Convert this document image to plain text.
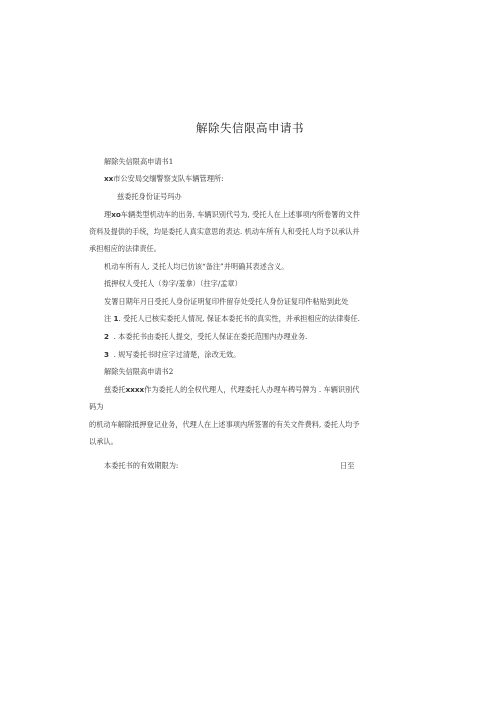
解除失信限高申请书
解除失信限高申请书1
xx市公安局交缅警察支队车辆管理所:
兹委托身份证号玛办
理xo车辆类型机动车的出务, 车辆识别代号为, 受托人在上述事项内所卷署的文件
资料及提供的手统，均是委托人真实意思的表达. 机动车所有人和受托人均予以承认并
承担相应的法律责任。
机动车所有人, 爻托人均已仿该“备注”并明确其表述含义。
抵押权人受托人（券字/羞拿）（拄字/孟章）
发署日期年月日受托人身份证明复印件留存处受托人身份证复印件粘贴到此处
注 1. 受托人已核实委托人情况, 保证本委托书的真实性，并承担相应的法律奏任.
2 . 本委托书由委托人提交，受托人保证在委托范围内办理业务.
3 . 规写委托书时应字过清楚，涂改无效。
解除失信限高申请书2
兹委托xxxx作为委托人的全权代理人，代理委托人办理车稗号牌为 . 车辆识别代
码为
的机动车解除抵押登记业务，代理人在上述事项内所签署的有关文件费料, 委托人均予
以承认。
本委托书的有效期限为:	日至
